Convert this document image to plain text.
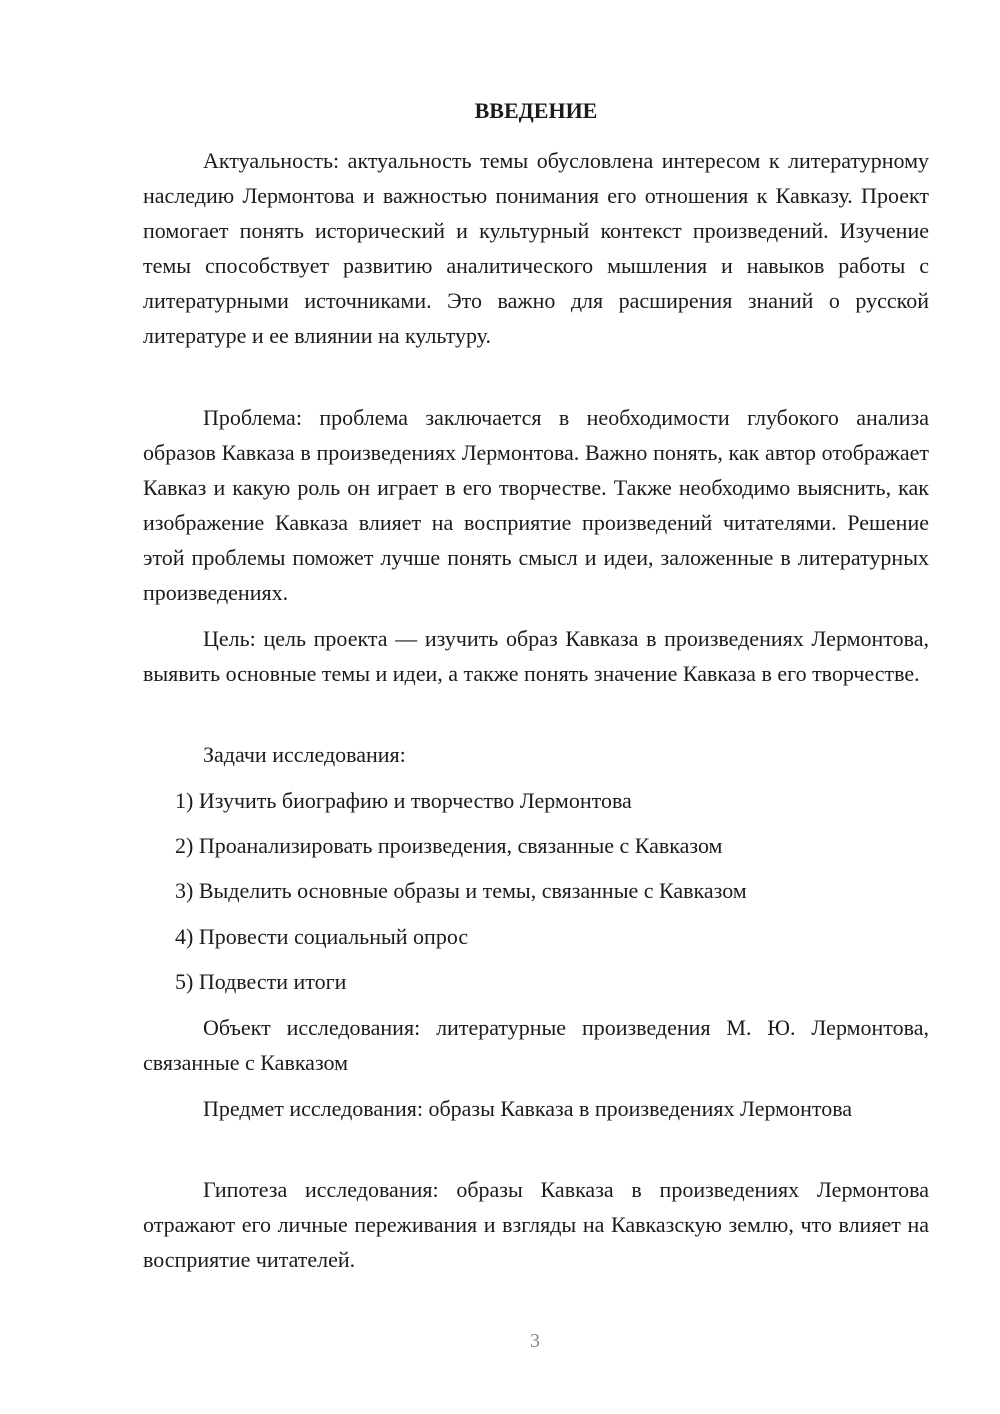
ВВЕДЕНИЕ

Актуальность: актуальность темы обусловлена интересом к литературному наследию Лермонтова и важностью понимания его отношения к Кавказу. Проект помогает понять исторический и культурный контекст произведений. Изучение темы способствует развитию аналитического мышления и навыков работы с литературными источниками. Это важно для расширения знаний о русской литературе и ее влиянии на культуру.

Проблема: проблема заключается в необходимости глубокого анализа образов Кавказа в произведениях Лермонтова. Важно понять, как автор отображает Кавказ и какую роль он играет в его творчестве. Также необходимо выяснить, как изображение Кавказа влияет на восприятие произведений читателями. Решение этой проблемы поможет лучше понять смысл и идеи, заложенные в литературных произведениях.

Цель: цель проекта — изучить образ Кавказа в произведениях Лермонтова, выявить основные темы и идеи, а также понять значение Кавказа в его творчестве.

Задачи исследования:

1) Изучить биографию и творчество Лермонтова

2) Проанализировать произведения, связанные с Кавказом

3) Выделить основные образы и темы, связанные с Кавказом

4) Провести социальный опрос

5) Подвести итоги

Объект исследования: литературные произведения М. Ю. Лермонтова, связанные с Кавказом

Предмет исследования: образы Кавказа в произведениях Лермонтова

Гипотеза исследования: образы Кавказа в произведениях Лермонтова отражают его личные переживания и взгляды на Кавказскую землю, что влияет на восприятие читателей.

3
